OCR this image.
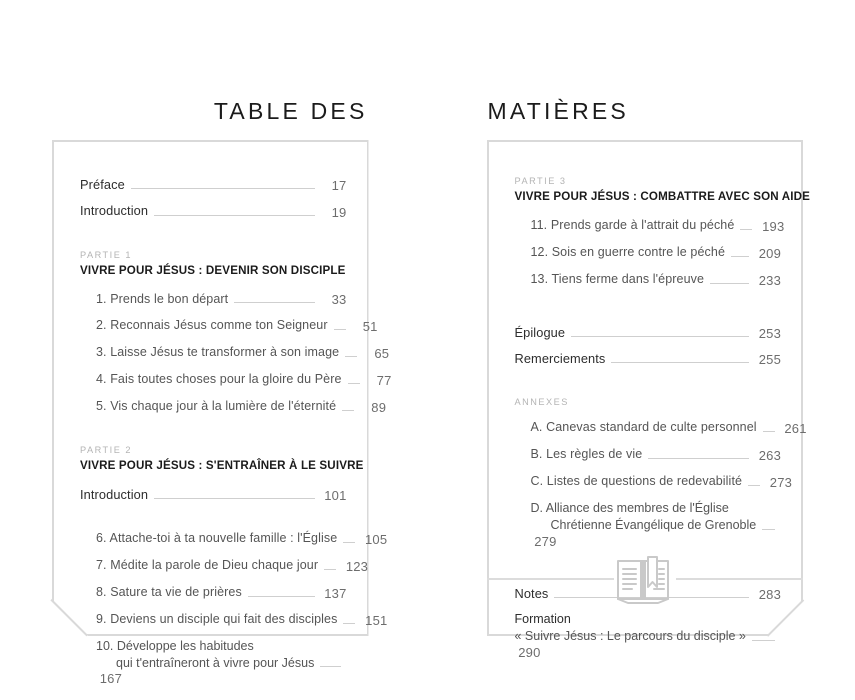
TABLE DES
Préface	17
Introduction	19
PARTIE 1
VIVRE POUR JÉSUS : DEVENIR SON DISCIPLE
1. Prends le bon départ	33
2. Reconnais Jésus comme ton Seigneur	51
3. Laisse Jésus te transformer à son image	65
4. Fais toutes choses pour la gloire du Père	77
5. Vis chaque jour à la lumière de l'éternité	89
PARTIE 2
VIVRE POUR JÉSUS : S'ENTRAÎNER À LE SUIVRE
Introduction	101
6. Attache-toi à ta nouvelle famille : l'Église 105
7. Médite la parole de Dieu chaque jour 123
8. Sature ta vie de prières	137
9. Deviens un disciple qui fait des disciples 151
10. Développe les habitudes
qui t'entraîneront à vivre pour Jésus
167
MATIÈRES
PARTIE 3
VIVRE POUR JÉSUS : COMBATTRE AVEC SON AIDE
11. Prends garde à l'attrait du péché 193
12. Sois en guerre contre le péché	209
13. Tiens ferme dans l'épreuve	233
Épilogue	253
Remerciements	255
ANNEXES
A. Canevas standard de culte personnel 261
B. Les règles de vie	263
C. Listes de questions de redevabilité 273
D. Alliance des membres de l'Église
Chrétienne Évangélique de Grenoble
279
Notes	283
Formation
« Suivre Jésus : Le parcours du disciple »
290
